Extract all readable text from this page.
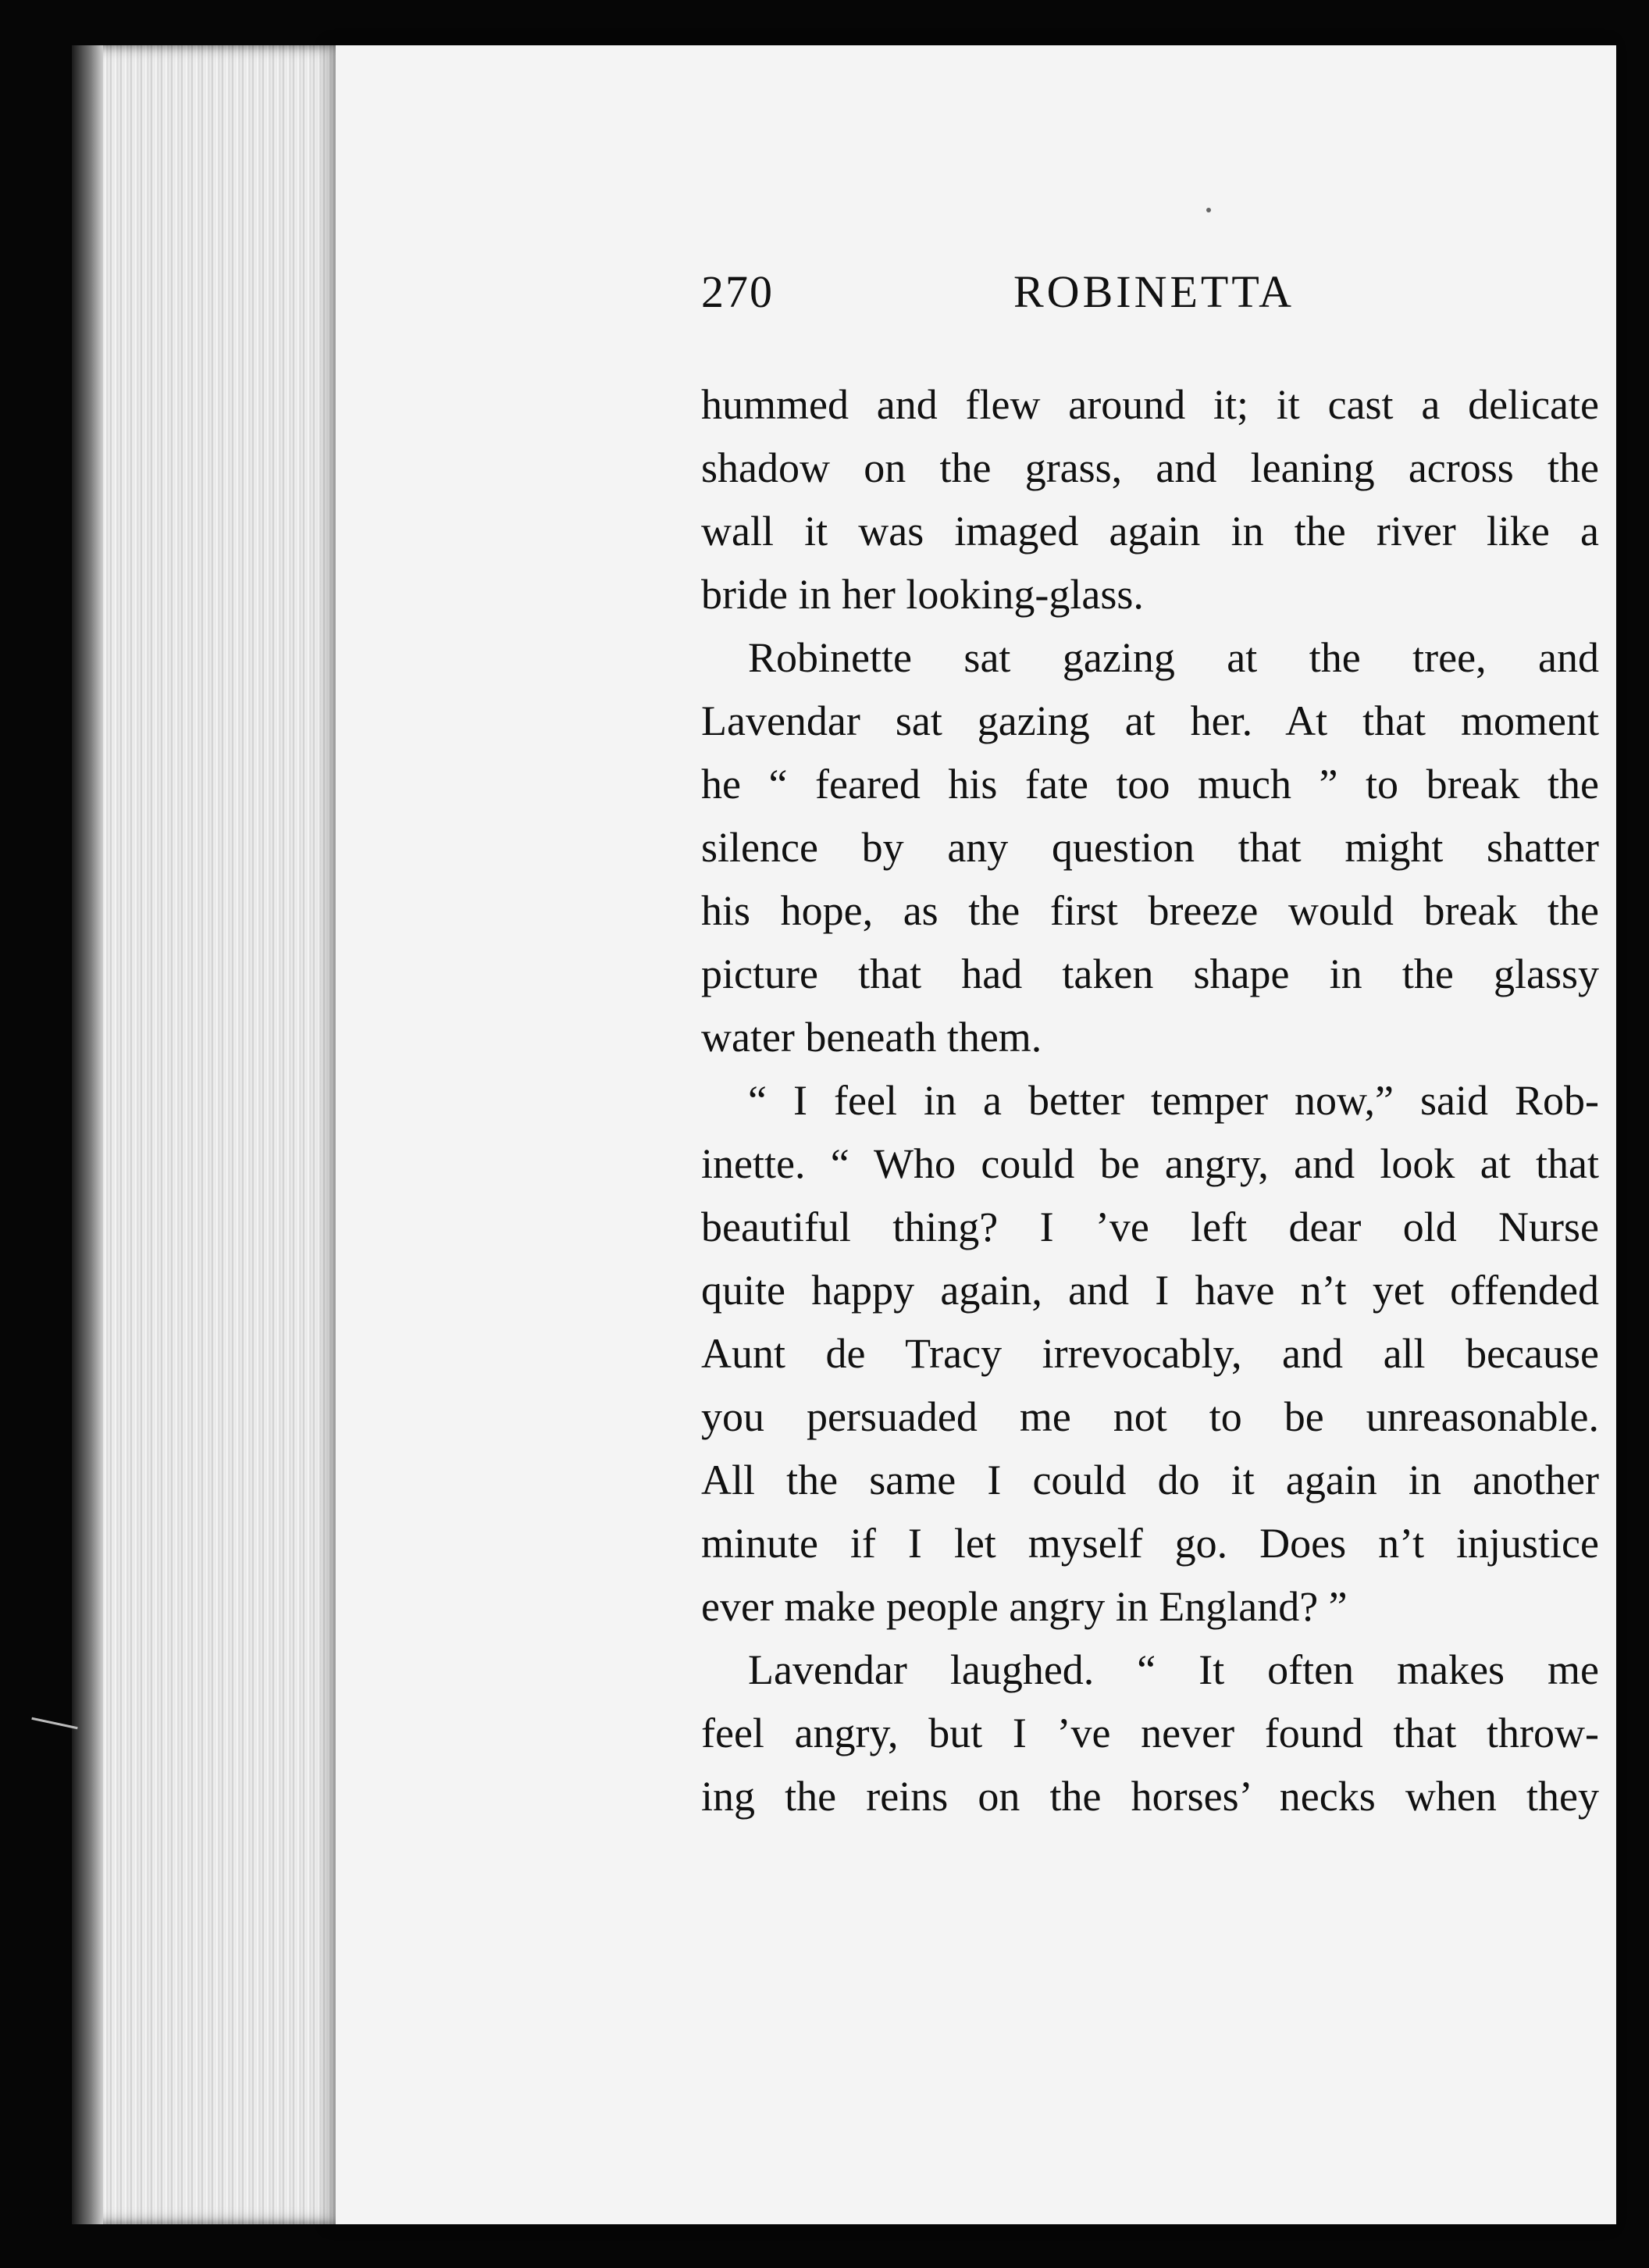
270	ROBINETTA
hummed and flew around it; it cast a delicate
shadow on the grass, and leaning across the
wall it was imaged again in the river like a
bride in her looking-glass.
Robinette sat gazing at the tree, and
Lavendar sat gazing at her. At that moment
he “ feared his fate too much ” to break the
silence by any question that might shatter
his hope, as the first breeze would break the
picture that had taken shape in the glassy
water beneath them.
“ I feel in a better temper now,” said Rob-
inette. “ Who could be angry, and look at that
beautiful thing? I ’ve left dear old Nurse
quite happy again, and I have n’t yet offended
Aunt de Tracy irrevocably, and all because
you persuaded me not to be unreasonable.
All the same I could do it again in another
minute if I let myself go. Does n’t injustice
ever make people angry in England? ”
Lavendar laughed. “ It often makes me
feel angry, but I ’ve never found that throw-
ing the reins on the horses’ necks when they
